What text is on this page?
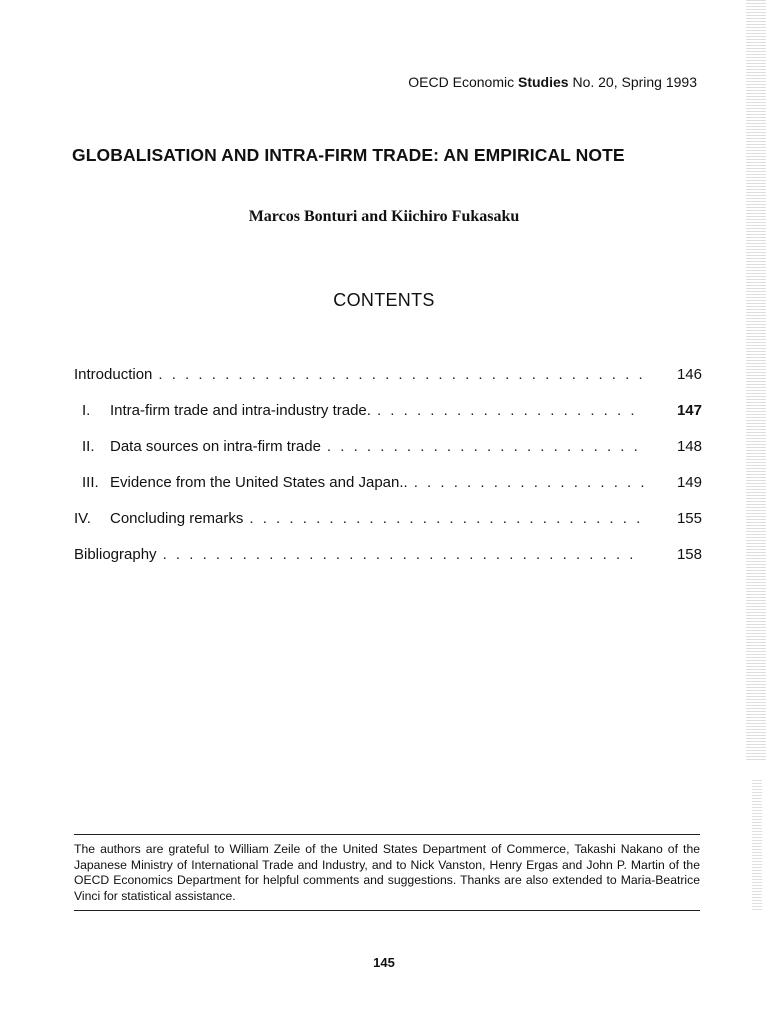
OECD Economic Studies No. 20, Spring 1993
GLOBALISATION AND INTRA-FIRM TRADE: AN EMPIRICAL NOTE
Marcos Bonturi and Kiichiro Fukasaku
CONTENTS
Introduction . . .	146
I.	Intra-firm trade and intra-industry trade. . . .	147
II.	Data sources on intra-firm trade . . .	148
III. Evidence from the United States and Japan.. . . .	149
IV.	Concluding remarks . . .	155
Bibliography . . .	158
The authors are grateful to William Zeile of the United States Department of Commerce, Takashi Nakano of the Japanese Ministry of International Trade and Industry, and to Nick Vanston, Henry Ergas and John P. Martin of the OECD Economics Department for helpful comments and suggestions. Thanks are also extended to Maria-Beatrice Vinci for statistical assistance.
145
